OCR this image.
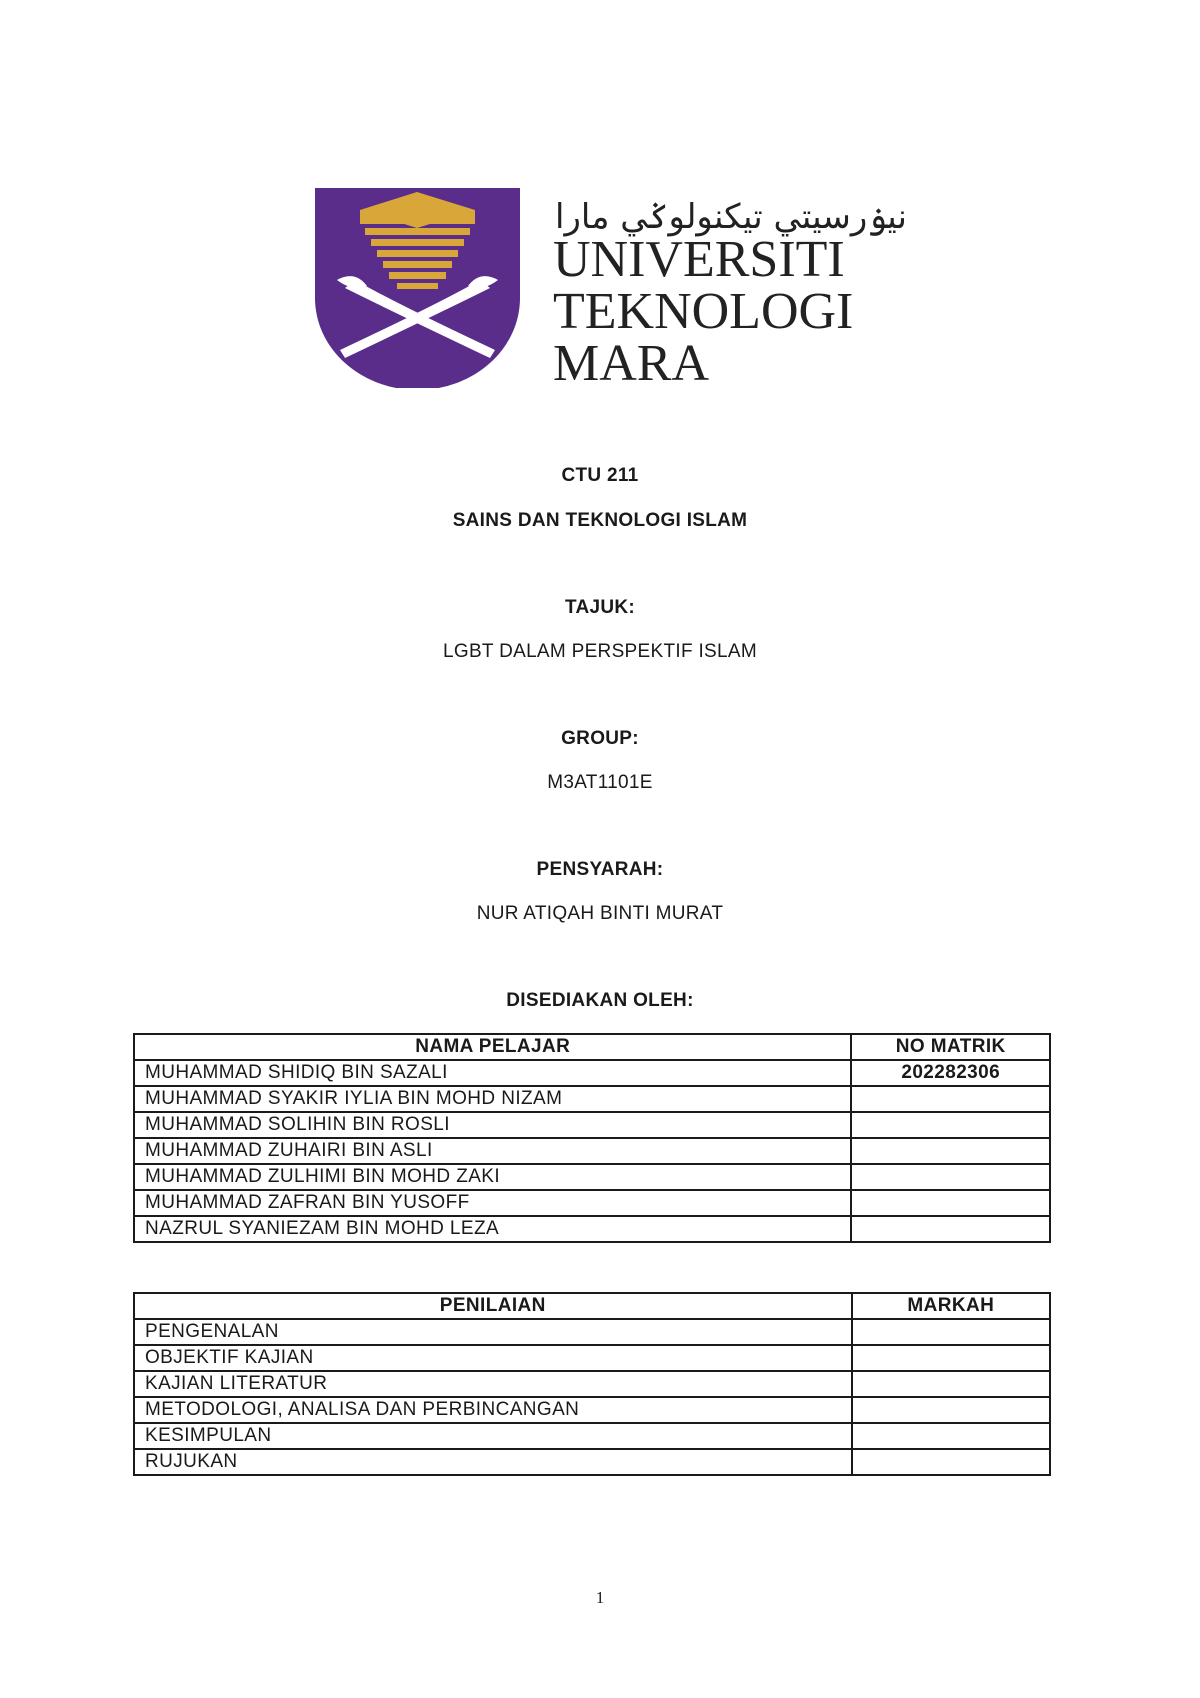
اونيۏرسيتي تيكنولوݢي مارا
UNIVERSITI
TEKNOLOGI
MARA
CTU 211
SAINS DAN TEKNOLOGI ISLAM
TAJUK:
LGBT DALAM PERSPEKTIF ISLAM
GROUP:
M3AT1101E
PENSYARAH:
NUR ATIQAH BINTI MURAT
DISEDIAKAN OLEH:
NAMA PELAJAR	NO MATRIK
MUHAMMAD SHIDIQ BIN SAZALI	202282306
MUHAMMAD SYAKIR IYLIA BIN MOHD NIZAM	
MUHAMMAD SOLIHIN BIN ROSLI	
MUHAMMAD ZUHAIRI BIN ASLI	
MUHAMMAD ZULHIMI BIN MOHD ZAKI	
MUHAMMAD ZAFRAN BIN YUSOFF	
NAZRUL SYANIEZAM BIN MOHD LEZA	
PENILAIAN	MARKAH
PENGENALAN	
OBJEKTIF KAJIAN	
KAJIAN LITERATUR	
METODOLOGI, ANALISA DAN PERBINCANGAN	
KESIMPULAN	
RUJUKAN	
1
